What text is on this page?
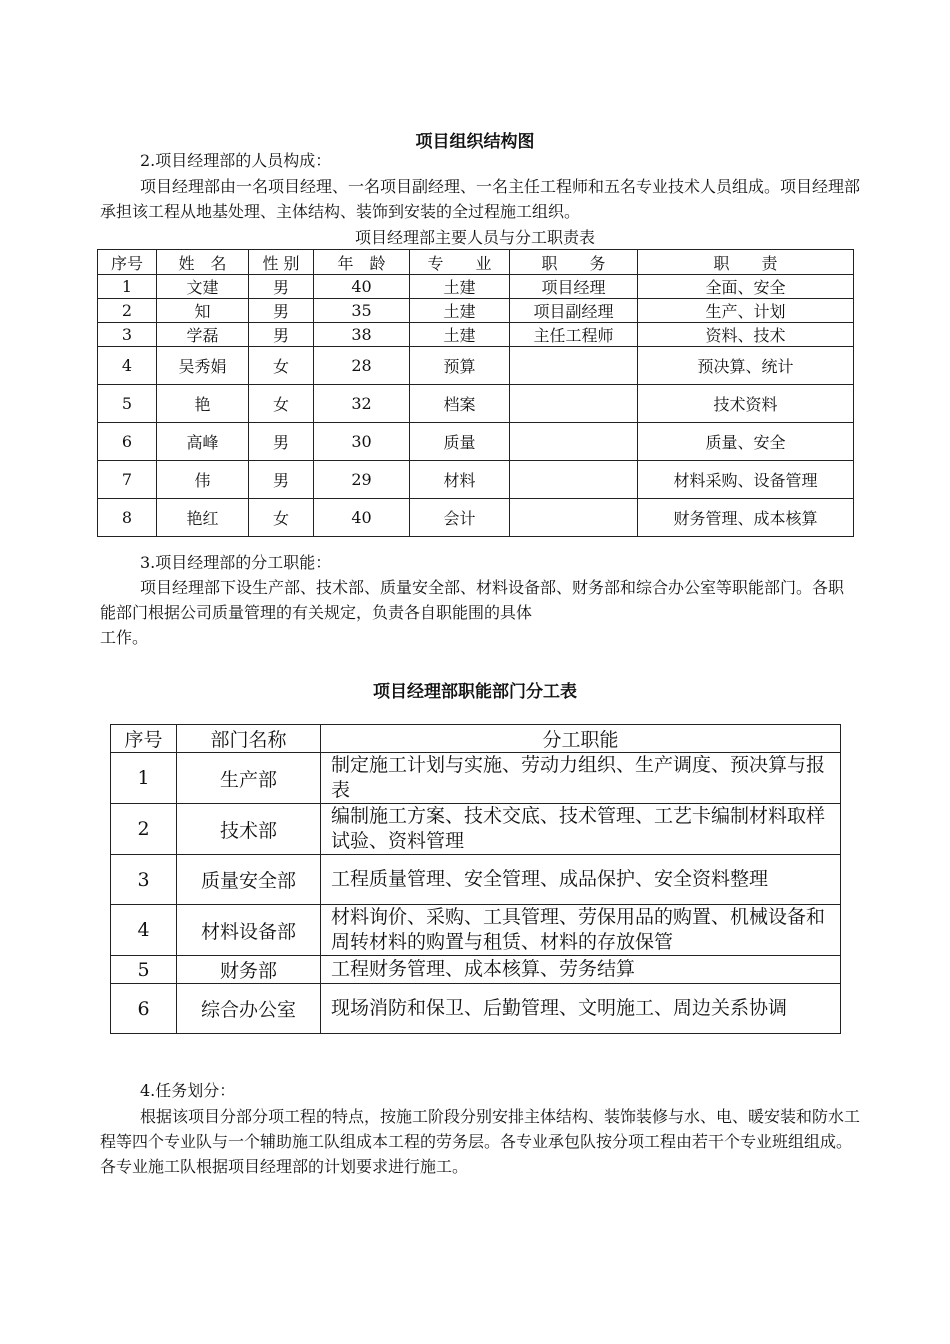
项目组织结构图
2.项目经理部的人员构成：
项目经理部由一名项目经理、一名项目副经理、一名主任工程师和五名专业技术人员组成。项目经理部承担该工程从地基处理、主体结构、装饰到安装的全过程施工组织。
项目经理部主要人员与分工职责表
序号	姓　名	性 别	年　龄	专　　业	职　　务	职　　责
1	文建	男	40	土建	项目经理	全面、安全
2	知	男	35	土建	项目副经理	生产、计划
3	学磊	男	38	土建	主任工程师	资料、技术
4	吴秀娟	女	28	预算		预决算、统计
5	艳	女	32	档案		技术资料
6	高峰	男	30	质量		质量、安全
7	伟	男	29	材料		材料采购、设备管理
8	艳红	女	40	会计		财务管理、成本核算
3.项目经理部的分工职能：
项目经理部下设生产部、技术部、质量安全部、材料设备部、财务部和综合办公室等职能部门。各职能部门根据公司质量管理的有关规定，负责各自职能围的具体
工作。
项目经理部职能部门分工表
序号	部门名称	分工职能
1	生产部	制定施工计划与实施、劳动力组织、生产调度、预决算与报表
2	技术部	编制施工方案、技术交底、技术管理、工艺卡编制材料取样试验、资料管理
3	质量安全部	工程质量管理、安全管理、成品保护、安全资料整理
4	材料设备部	材料询价、采购、工具管理、劳保用品的购置、机械设备和周转材料的购置与租赁、材料的存放保管
5	财务部	工程财务管理、成本核算、劳务结算
6	综合办公室	现场消防和保卫、后勤管理、文明施工、周边关系协调
4.任务划分：
根据该项目分部分项工程的特点，按施工阶段分别安排主体结构、装饰装修与水、电、暖安装和防水工程等四个专业队与一个辅助施工队组成本工程的劳务层。各专业承包队按分项工程由若干个专业班组组成。各专业施工队根据项目经理部的计划要求进行施工。
